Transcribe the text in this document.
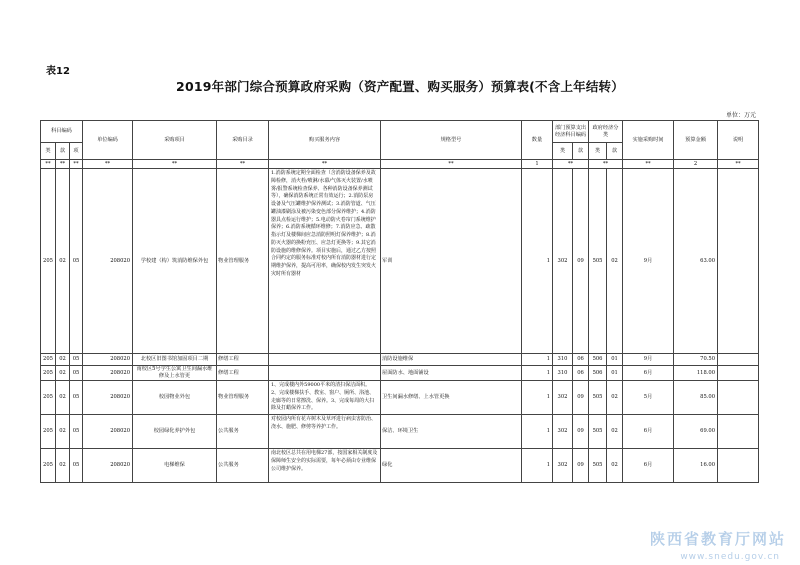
表12
2019年部门综合预算政府采购（资产配置、购买服务）预算表(不含上年结转）
单位：万元
科目编码			单位编码	采购项目	采购目录	购买服务内容	规格型号	数量	部门预算支出经济科目编码		政府经济分类		实施采购时间	预算金额	说明
类	款	项							类	款	类	款			
**	**	**	**	**	**	**	**	1	**		**		**	2	**
205	02	05	208020	学校建（构）筑消防维保外包	物业管理服务	1.消防系统定期全面检查（含消防设备保养及故障检修，消火栓/喷淋/水幕/气体灭火装置/水喷雾/报警系统检查保养、各种消防设备保养测试等），确保消防系统正常有效运行；2.消防泵房设备及气压罐维护保养测试；3.消防管道、气压罐油漆刷涂及被污染变色部分保养维护；4.消防器具点检运行维护；5.电动防火卷帘门系统维护保养；6.消防系统循环维修；7.消防应急、疏散指示灯及楼梯间应急消防照明灯保养维护；8.消防灭火器的换粉充压、应急灯更换等；9.其它消防设施的维修保养。项目实施后，通过乙方按照合同约定的服务标准对校内所有消防器材进行定期维护保养，提高可用率，确保校内发生突发火灾时所有器材	军训	1	302	09	505	02	9月	63.00	
205	02	05	208020	北校区旧图书馆加固项目二期	修缮工程		消防设施维保	1	310	06	506	01	9月	70.50	
205	02	05	208020	南校区5号学生公寓卫生间漏水维修及上水管更	修缮工程		屋面防水、地面铺设	1	310	06	506	01	6月	118.00	
205	02	05	208020	校园物业外包	物业管理服务	1、完成楼内外59000平米的清扫保洁面积。2、完成楼梯扶手、教室、窗户、厕所、浴池、走廊等的日常擦洗、保养。3、完成每周的大扫除及打蜡保养工作。	卫生间漏水修缮、上水管更换	1	302	09	505	02	5月	85.00	
205	02	05	208020	校园绿化养护外包	公共服务	对校园内所有花卉树木及草坪进行病虫害防治、浇水、施肥、修剪等养护工作。	保洁、环境卫生	1	302	09	505	02	6月	69.00	
205	02	05	208020	电梯维保	公共服务	南北校区总共在用电梯27部，按国家相关制度及保障师生安全的实际需要，每年必须由专业维保公司维护保养。	绿化	1	302	09	505	02	6月	16.00	
陕西省教育厅网站
www.snedu.gov.cn
